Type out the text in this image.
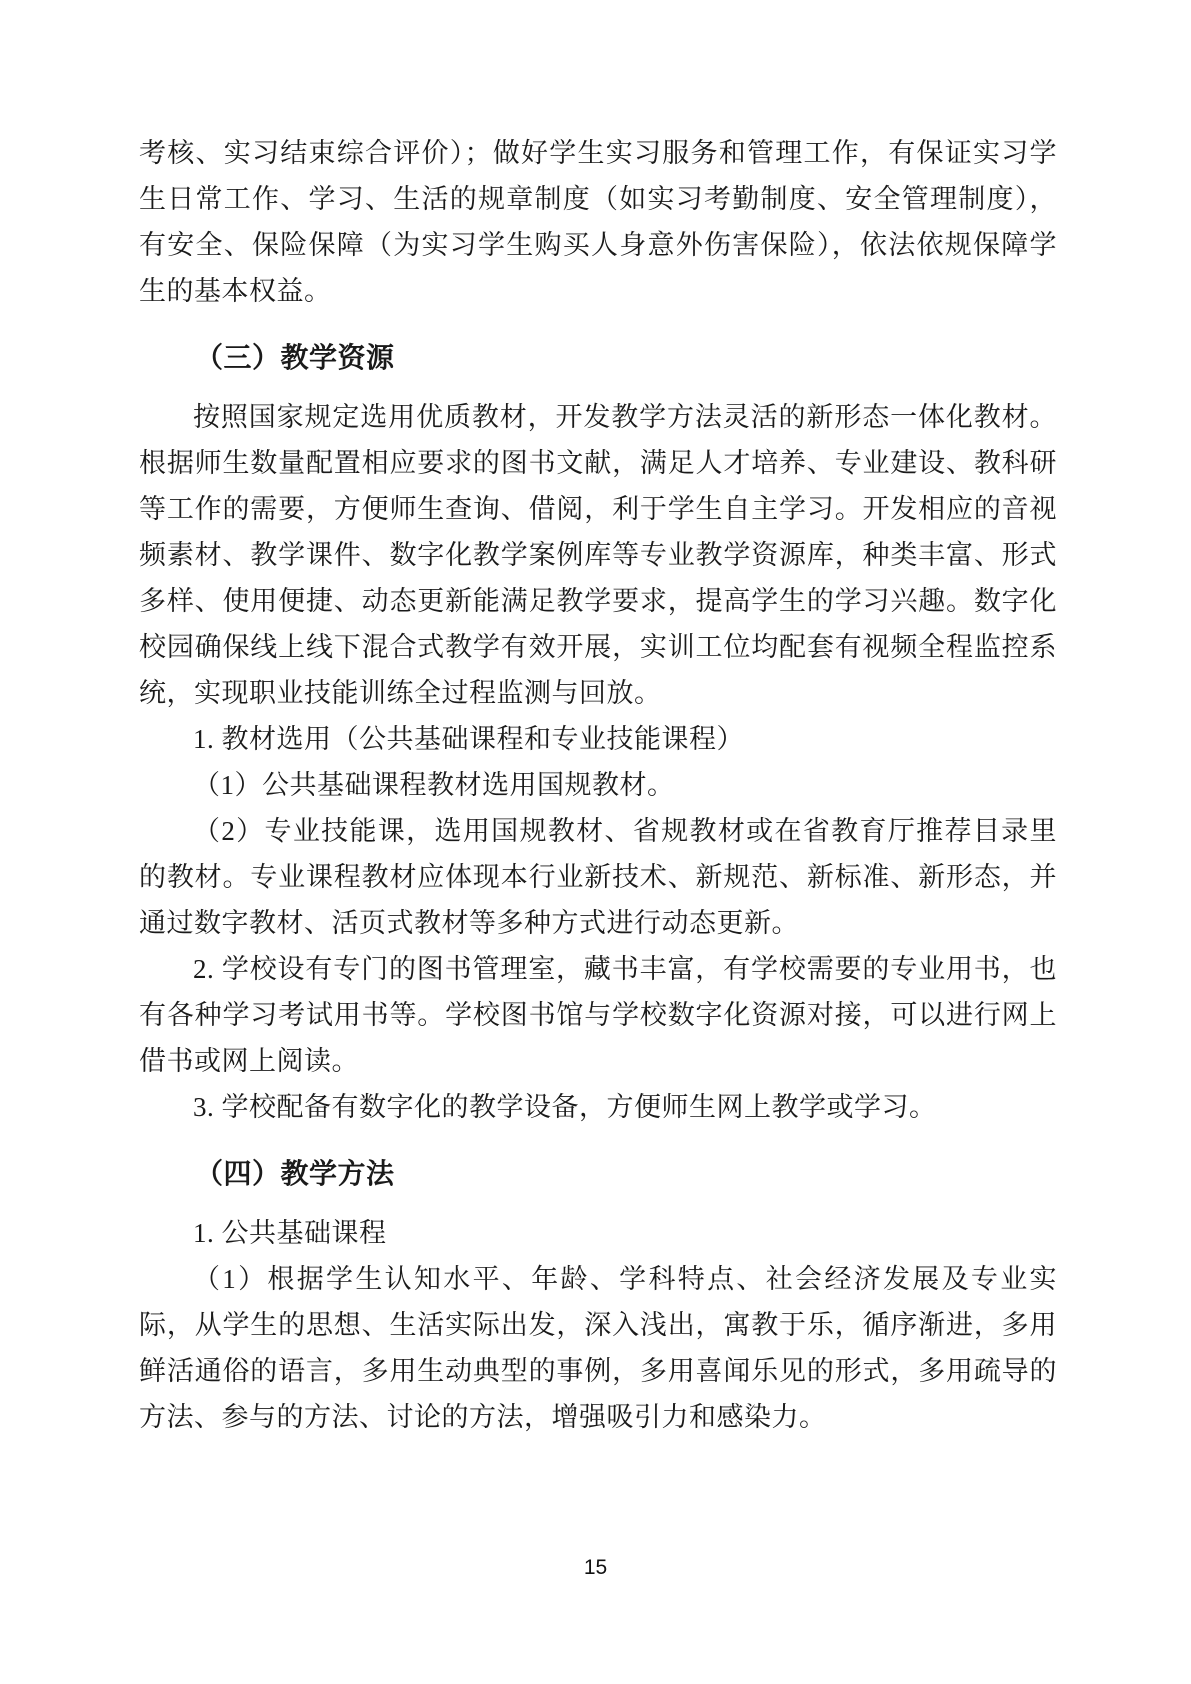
考核、实习结束综合评价）；做好学生实习服务和管理工作，有保证实习学生日常工作、学习、生活的规章制度（如实习考勤制度、安全管理制度），有安全、保险保障（为实习学生购买人身意外伤害保险），依法依规保障学生的基本权益。

（三）教学资源

按照国家规定选用优质教材，开发教学方法灵活的新形态一体化教材。根据师生数量配置相应要求的图书文献，满足人才培养、专业建设、教科研等工作的需要，方便师生查询、借阅，利于学生自主学习。开发相应的音视频素材、教学课件、数字化教学案例库等专业教学资源库，种类丰富、形式多样、使用便捷、动态更新能满足教学要求，提高学生的学习兴趣。数字化校园确保线上线下混合式教学有效开展，实训工位均配套有视频全程监控系统，实现职业技能训练全过程监测与回放。

1. 教材选用（公共基础课程和专业技能课程）

（1）公共基础课程教材选用国规教材。

（2）专业技能课，选用国规教材、省规教材或在省教育厅推荐目录里的教材。专业课程教材应体现本行业新技术、新规范、新标准、新形态，并通过数字教材、活页式教材等多种方式进行动态更新。

2. 学校设有专门的图书管理室，藏书丰富，有学校需要的专业用书，也有各种学习考试用书等。学校图书馆与学校数字化资源对接，可以进行网上借书或网上阅读。

3. 学校配备有数字化的教学设备，方便师生网上教学或学习。

（四）教学方法

1. 公共基础课程

（1）根据学生认知水平、年龄、学科特点、社会经济发展及专业实际，从学生的思想、生活实际出发，深入浅出，寓教于乐，循序渐进，多用鲜活通俗的语言，多用生动典型的事例，多用喜闻乐见的形式，多用疏导的方法、参与的方法、讨论的方法，增强吸引力和感染力。

15
